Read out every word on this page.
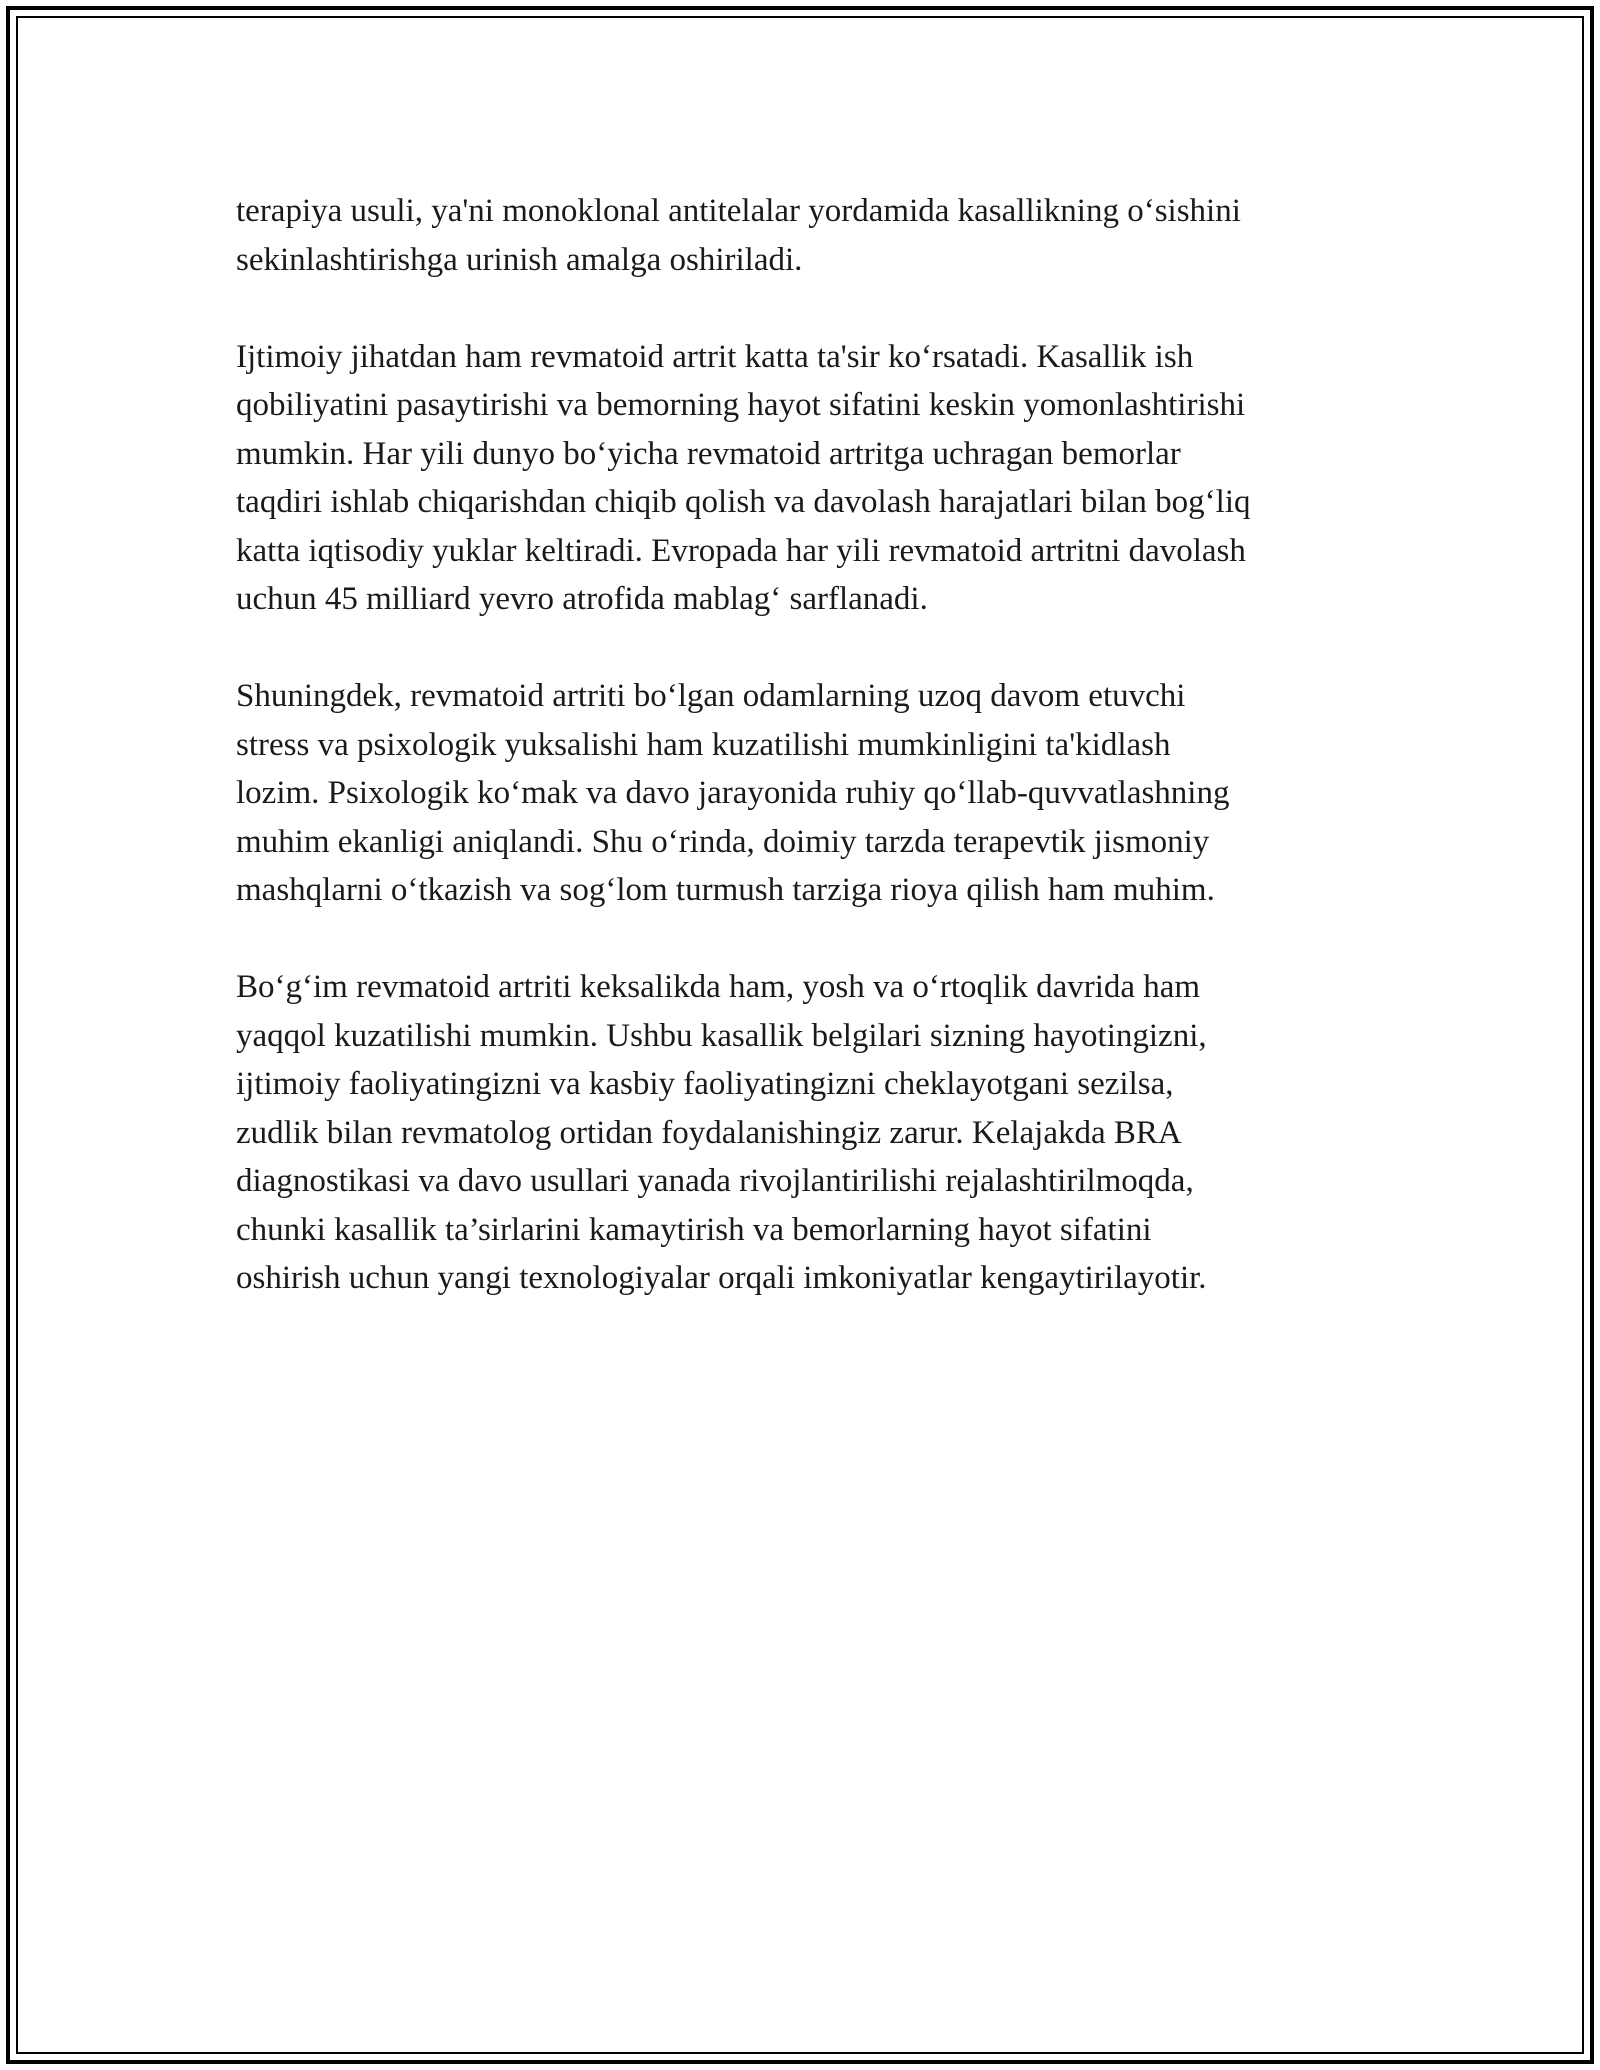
terapiya usuli, ya'ni monoklonal antitelalar yordamida kasallikning o‘sishini
sekinlashtirishga urinish amalga oshiriladi.

Ijtimoiy jihatdan ham revmatoid artrit katta ta'sir ko‘rsatadi. Kasallik ish
qobiliyatini pasaytirishi va bemorning hayot sifatini keskin yomonlashtirishi
mumkin. Har yili dunyo bo‘yicha revmatoid artritga uchragan bemorlar
taqdiri ishlab chiqarishdan chiqib qolish va davolash harajatlari bilan bog‘liq
katta iqtisodiy yuklar keltiradi. Evropada har yili revmatoid artritni davolash
uchun 45 milliard yevro atrofida mablag‘ sarflanadi.

Shuningdek, revmatoid artriti bo‘lgan odamlarning uzoq davom etuvchi
stress va psixologik yuksalishi ham kuzatilishi mumkinligini ta'kidlash
lozim. Psixologik ko‘mak va davo jarayonida ruhiy qo‘llab-quvvatlashning
muhim ekanligi aniqlandi. Shu o‘rinda, doimiy tarzda terapevtik jismoniy
mashqlarni o‘tkazish va sog‘lom turmush tarziga rioya qilish ham muhim.

Bo‘g‘im revmatoid artriti keksalikda ham, yosh va o‘rtoqlik davrida ham
yaqqol kuzatilishi mumkin. Ushbu kasallik belgilari sizning hayotingizni,
ijtimoiy faoliyatingizni va kasbiy faoliyatingizni cheklayotgani sezilsa,
zudlik bilan revmatolog ortidan foydalanishingiz zarur. Kelajakda BRA
diagnostikasi va davo usullari yanada rivojlantirilishi rejalashtirilmoqda,
chunki kasallik ta’sirlarini kamaytirish va bemorlarning hayot sifatini
oshirish uchun yangi texnologiyalar orqali imkoniyatlar kengaytirilayotir.
